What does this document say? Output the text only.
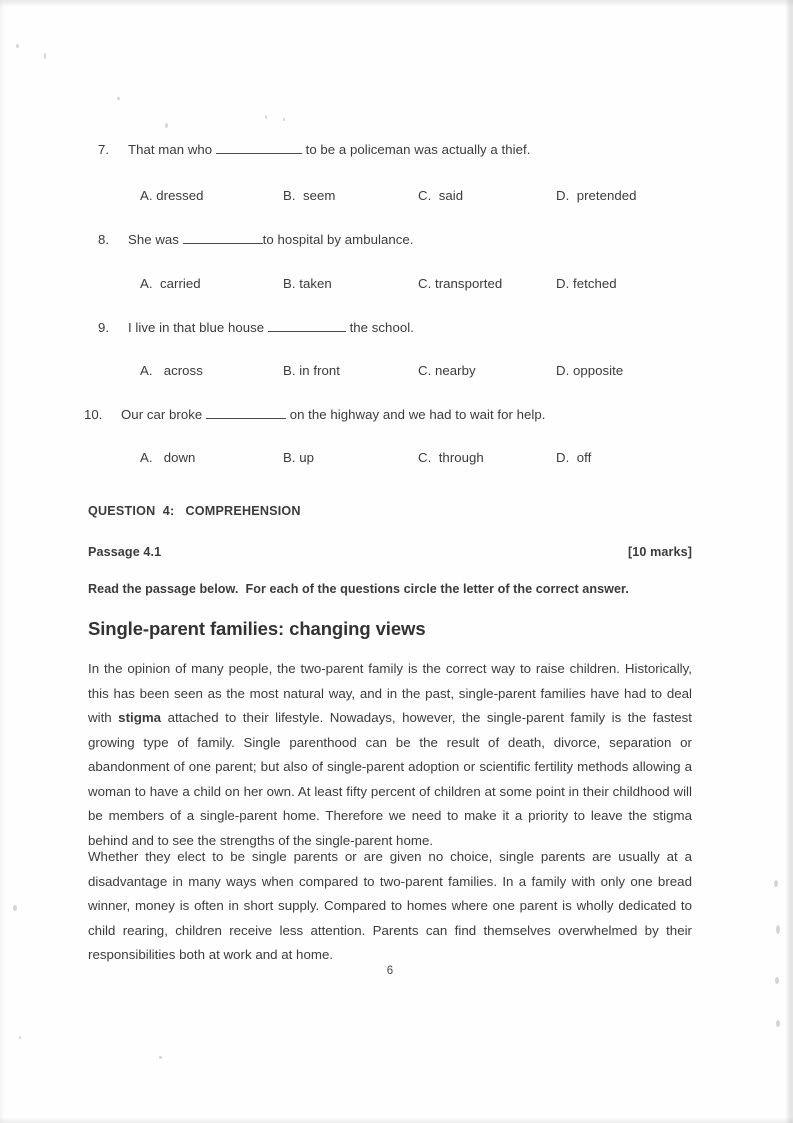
7.	That man who	to be a policeman was actually a thief.
A. dressed	B.  seem	C.  said	D.  pretended
8.	She was	to hospital by ambulance.
A.  carried	B. taken	C. transported	D. fetched
9.	I live in that blue house	the school.
A.   across	B. in front	C. nearby	D. opposite
10.	Our car broke	on the highway and we had to wait for help.
A.   down	B. up	C.  through	D.  off
QUESTION  4:   COMPREHENSION
Passage 4.1	[10 marks]
Read the passage below.  For each of the questions circle the letter of the correct answer.
Single-parent families: changing views

In the opinion of many people, the two-parent family is the correct way to raise children. Historically, this has been seen as the most natural way, and in the past, single-parent families have had to deal with stigma attached to their lifestyle. Nowadays, however, the single-parent family is the fastest growing type of family. Single parenthood can be the result of death, divorce, separation or abandonment of one parent; but also of single-parent adoption or scientific fertility methods allowing a woman to have a child on her own. At least fifty percent of children at some point in their childhood will be members of a single-parent home. Therefore we need to make it a priority to leave the stigma behind and to see the strengths of the single-parent home.

Whether they elect to be single parents or are given no choice, single parents are usually at a disadvantage in many ways when compared to two-parent families. In a family with only one bread winner, money is often in short supply. Compared to homes where one parent is wholly dedicated to child rearing, children receive less attention. Parents can find themselves overwhelmed by their responsibilities both at work and at home.

6
